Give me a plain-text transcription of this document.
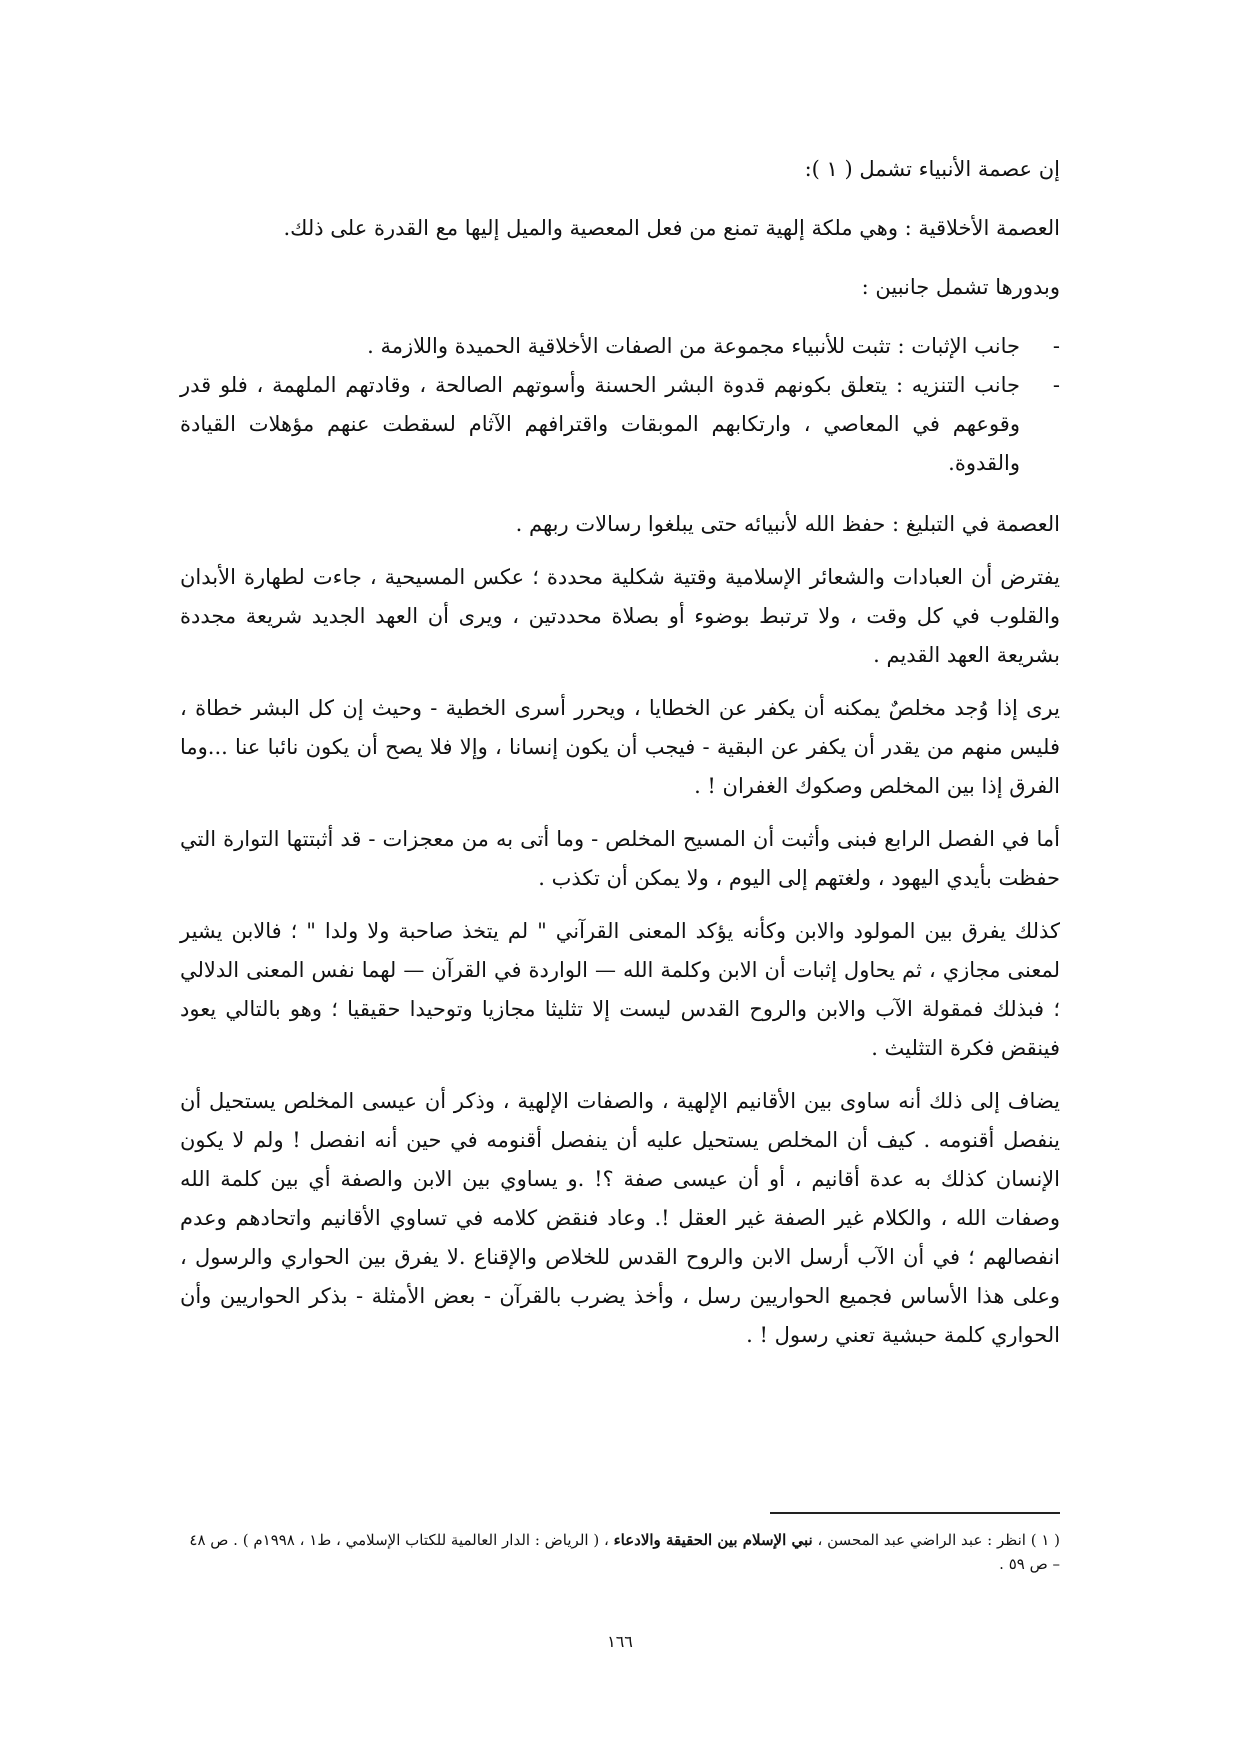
إن عصمة الأنبياء تشمل ( ١ ):

العصمة الأخلاقية : وهي ملكة إلهية تمنع من فعل المعصية والميل إليها مع القدرة على ذلك.

وبدورها تشمل جانبين :

-
جانب الإثبات : تثبت للأنبياء مجموعة من الصفات الأخلاقية الحميدة واللازمة .
-
جانب التنزيه : يتعلق بكونهم قدوة البشر الحسنة وأسوتهم الصالحة ، وقادتهم الملهمة ، فلو قدر وقوعهم في المعاصي ، وارتكابهم الموبقات واقترافهم الآثام لسقطت عنهم مؤهلات القيادة والقدوة.

العصمة في التبليغ : حفظ الله لأنبيائه حتى يبلغوا رسالات ربهم .

يفترض أن العبادات والشعائر الإسلامية وقتية شكلية محددة ؛ عكس المسيحية ، جاءت لطهارة الأبدان والقلوب في كل وقت ، ولا ترتبط بوضوء أو بصلاة محددتين ، ويرى أن العهد الجديد شريعة مجددة بشريعة العهد القديم .

يرى إذا وُجد مخلصٌ يمكنه أن يكفر عن الخطايا ، ويحرر أسرى الخطية - وحيث إن كل البشر خطاة ، فليس منهم من يقدر أن يكفر عن البقية - فيجب أن يكون إنسانا ، وإلا فلا يصح أن يكون نائبا عنا ...وما الفرق إذا بين المخلص وصكوك الغفران ! .

أما في الفصل الرابع فبنى وأثبت أن المسيح المخلص - وما أتى به من معجزات - قد أثبتتها التوارة التي حفظت بأيدي اليهود ، ولغتهم إلى اليوم ، ولا يمكن أن تكذب .

كذلك يفرق بين المولود والابن وكأنه يؤكد المعنى القرآني " لم يتخذ صاحبة ولا ولدا " ؛ فالابن يشير لمعنى مجازي ، ثم يحاول إثبات أن الابن وكلمة الله — الواردة في القرآن — لهما نفس المعنى الدلالي ؛ فبذلك فمقولة الآب والابن والروح القدس ليست إلا تثليثا مجازيا وتوحيدا حقيقيا ؛ وهو بالتالي يعود فينقض فكرة التثليث .

يضاف إلى ذلك أنه ساوى بين الأقانيم الإلهية ، والصفات الإلهية ، وذكر أن عيسى المخلص يستحيل أن ينفصل أقنومه . كيف أن المخلص يستحيل عليه أن ينفصل أقنومه في حين أنه انفصل ! ولم لا يكون الإنسان كذلك به عدة أقانيم ، أو أن عيسى صفة ؟! .و يساوي بين الابن والصفة أي بين كلمة الله وصفات الله ، والكلام غير الصفة غير العقل !. وعاد فنقض كلامه في تساوي الأقانيم واتحادهم وعدم انفصالهم ؛ في أن الآب أرسل الابن والروح القدس للخلاص والإقناع .لا يفرق بين الحواري والرسول ، وعلى هذا الأساس فجميع الحواريين رسل ، وأخذ يضرب بالقرآن - بعض الأمثلة - بذكر الحواريين وأن الحواري كلمة حبشية تعني رسول ! .

( ١ ) انظر : عبد الراضي عبد المحسن ، نبي الإسلام بين الحقيقة والادعاء ، ( الرياض : الدار العالمية للكتاب الإسلامي ، ط١ ، ١٩٩٨م ) . ص ٤٨ – ص ٥٩ .
١٦٦
